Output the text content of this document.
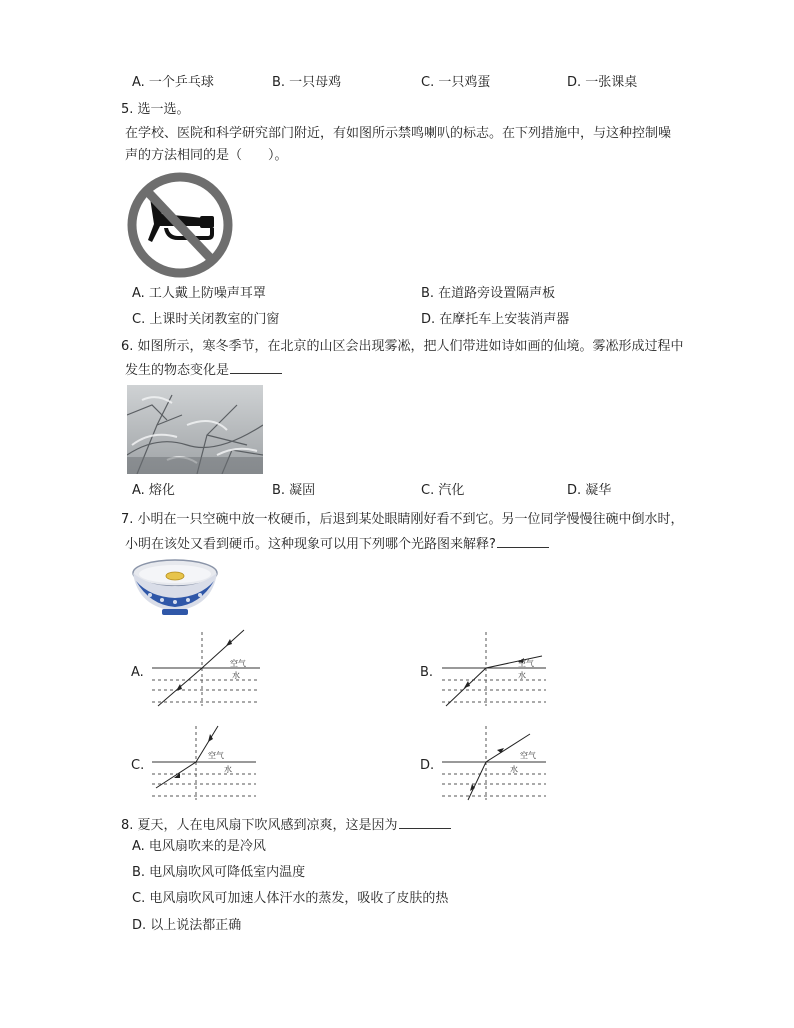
A. 一个乒乓球	B. 一只母鸡	C. 一只鸡蛋	D. 一张课桌
5. 选一选。
在学校、医院和科学研究部门附近，有如图所示禁鸣喇叭的标志。在下列措施中，与这种控制噪
声的方法相同的是（　　）。
A. 工人戴上防噪声耳罩	B. 在道路旁设置隔声板
C. 上课时关闭教室的门窗	D. 在摩托车上安装消声器
6. 如图所示，寒冬季节，在北京的山区会出现雾凇，把人们带进如诗如画的仙境。雾凇形成过程中
发生的物态变化是
A. 熔化	B. 凝固	C. 汽化	D. 凝华
7. 小明在一只空碗中放一枚硬币，后退到某处眼睛刚好看不到它。另一位同学慢慢往碗中倒水时，
小明在该处又看到硬币。这种现象可以用下列哪个光路图来解释?
A.
空气
水	B.
空气
水
C.
空气
水	D.
空气
水
8. 夏天，人在电风扇下吹风感到凉爽，这是因为
A. 电风扇吹来的是冷风
B. 电风扇吹风可降低室内温度
C. 电风扇吹风可加速人体汗水的蒸发，吸收了皮肤的热
D. 以上说法都正确
